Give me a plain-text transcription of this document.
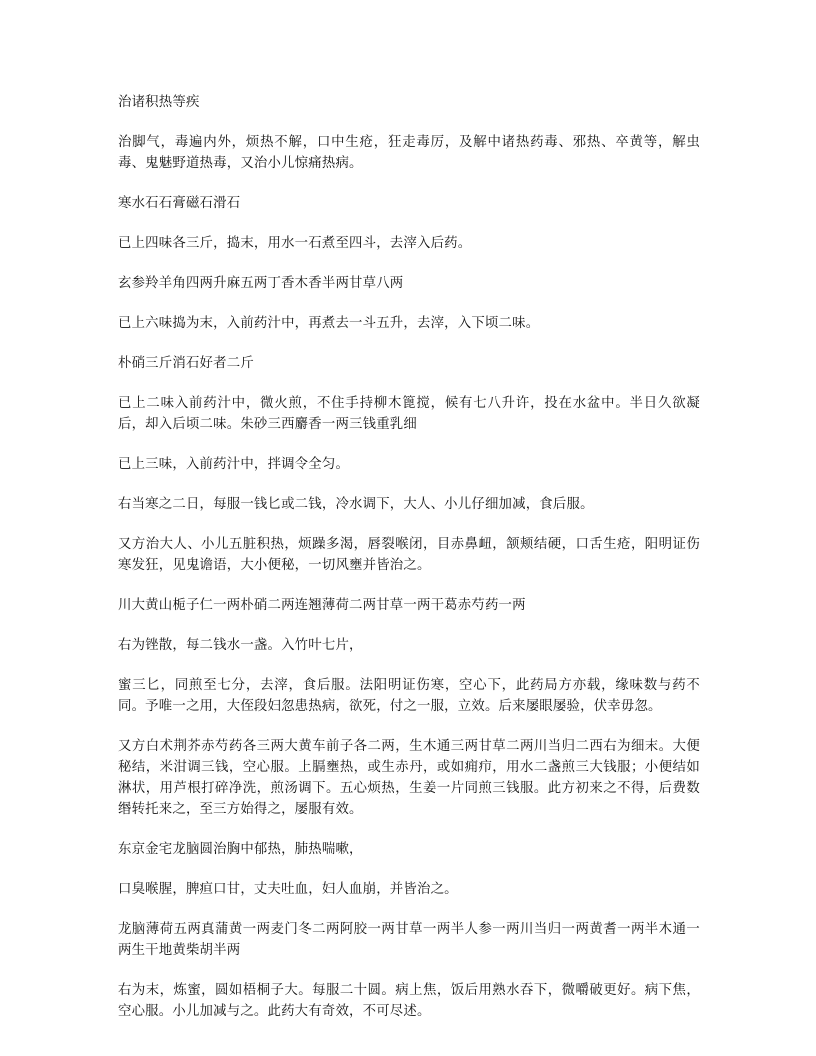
治诸积热等疾

治脚气，毒遍内外，烦热不解，口中生疮，狂走毒厉，及解中诸热药毒、邪热、卒黄等，解虫毒、鬼魅野道热毒，又治小儿惊痛热病。

寒水石石膏磁石滑石

已上四味各三斤，捣末，用水一石煮至四斗，去滓入后药。

玄参羚羊角四两升麻五两丁香木香半两甘草八两

已上六味捣为末，入前药汁中，再煮去一斗五升，去滓，入下顷二味。

朴硝三斤消石好者二斤

已上二味入前药汁中，微火煎，不住手持柳木篦搅，候有七八升许，投在水盆中。半日久欲凝后，却入后顷二味。朱砂三西麝香一两三钱重乳细

已上三味，入前药汁中，拌调令全匀。

右当寒之二日，每服一钱匕或二钱，冷水调下，大人、小儿仔细加减，食后服。

又方治大人、小儿五脏积热，烦躁多渴，唇裂喉闭，目赤鼻衄，颔颊结硬，口舌生疮，阳明证伤寒发狂，见鬼谵语，大小便秘，一切风壅并皆治之。

川大黄山栀子仁一两朴硝二两连翘薄荷二两甘草一两干葛赤芍药一两

右为锉散，每二钱水一盏。入竹叶七片，

蜜三匕，同煎至七分，去滓，食后服。法阳明证伤寒，空心下，此药局方亦载，缘味数与药不同。予唯一之用，大侄段妇忽患热病，欲死，付之一服，立效。后来屡眼屡验，伏幸毋忽。

又方白术荆芥赤芍药各三两大黄车前子各二两，生木通三两甘草二两川当归二西右为细末。大便秘结，米泔调三钱，空心服。上膈壅热，或生赤丹，或如痈疖，用水二盏煎三大钱服；小便结如淋状，用芦根打碎净洗，煎汤调下。五心烦热，生姜一片同煎三钱服。此方初来之不得，后费数缗转托来之，至三方始得之，屡服有效。

东京金宅龙脑圆治胸中郁热，肺热喘嗽，

口臭喉腥，脾疸口甘，丈夫吐血，妇人血崩，并皆治之。

龙脑薄荷五两真蒲黄一两麦门冬二两阿胶一两甘草一两半人参一两川当归一两黄耆一两半木通一两生干地黄柴胡半两

右为末，炼蜜，圆如梧桐子大。每服二十圆。病上焦，饭后用熟水吞下，微嚼破更好。病下焦，空心服。小儿加减与之。此药大有奇效，不可尽述。
